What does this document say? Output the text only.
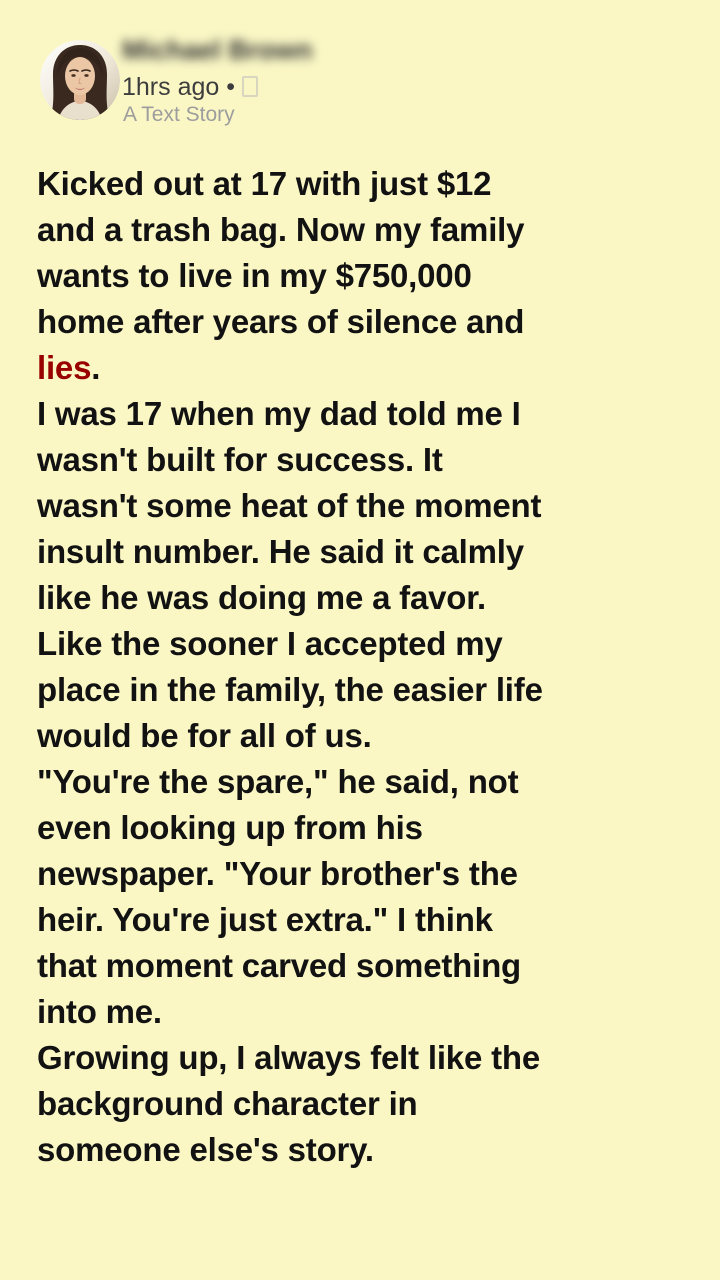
Michael Brown
1hrs ago •
A Text Story
Kicked out at 17 with just $12
and a trash bag. Now my family
wants to live in my $750,000
home after years of silence and
lies.
I was 17 when my dad told me I
wasn't built for success. It
wasn't some heat of the moment
insult number. He said it calmly
like he was doing me a favor.
Like the sooner I accepted my
place in the family, the easier life
would be for all of us.
"You're the spare," he said, not
even looking up from his
newspaper. "Your brother's the
heir. You're just extra." I think
that moment carved something
into me.
Growing up, I always felt like the
background character in
someone else's story.
